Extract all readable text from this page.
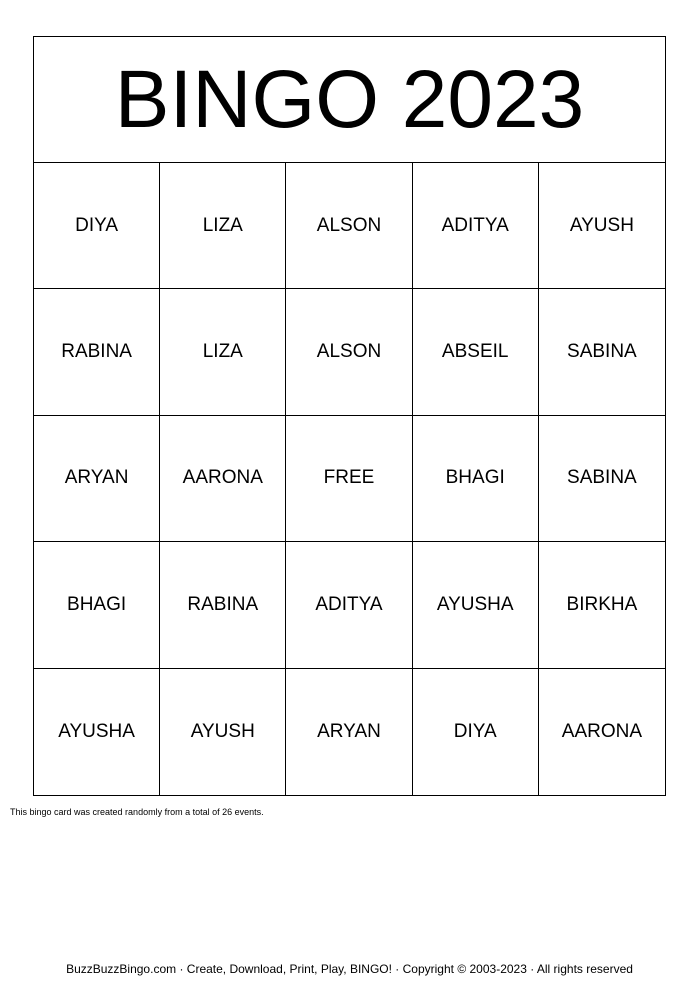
BINGO 2023
DIYA	LIZA	ALSON	ADITYA	AYUSH
RABINA	LIZA	ALSON	ABSEIL	SABINA
ARYAN	AARONA	FREE	BHAGI	SABINA
BHAGI	RABINA	ADITYA	AYUSHA	BIRKHA
AYUSHA	AYUSH	ARYAN	DIYA	AARONA
This bingo card was created randomly from a total of 26 events.
BuzzBuzzBingo.com · Create, Download, Print, Play, BINGO! · Copyright © 2003-2023 · All rights reserved
